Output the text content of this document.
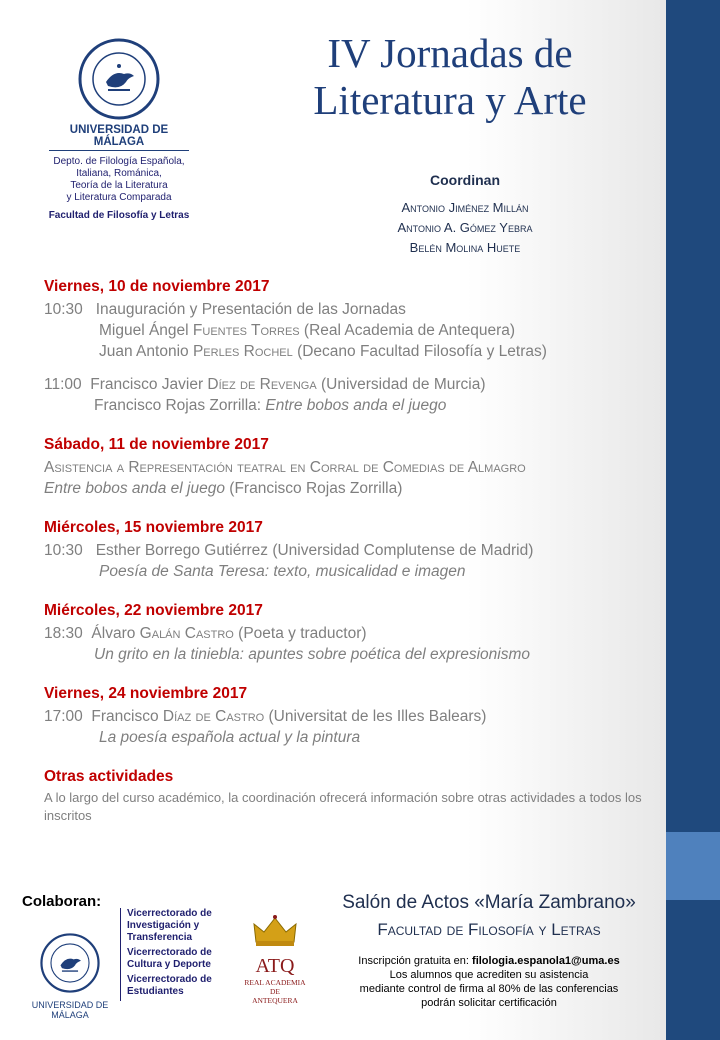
UNIVERSIDAD DE MÁLAGA
Depto. de Filología Española,
Italiana, Románica,
Teoría de la Literatura
y Literatura Comparada
Facultad de Filosofía y Letras
IV Jornadas de
Literatura y Arte
Coordinan
Antonio Jiménez Millán
Antonio A. Gómez Yebra
Belén Molina Huete
Viernes, 10 de noviembre 2017
10:30 Inauguración y Presentación de las Jornadas
Miguel Ángel Fuentes Torres (Real Academia de Antequera)
Juan Antonio Perles Rochel (Decano Facultad Filosofía y Letras)
11:00 Francisco Javier Díez de Revenga (Universidad de Murcia)
Francisco Rojas Zorrilla: Entre bobos anda el juego
Sábado, 11 de noviembre 2017
Asistencia a Representación teatral en Corral de Comedias de Almagro
Entre bobos anda el juego (Francisco Rojas Zorrilla)
Miércoles, 15 noviembre 2017
10:30 Esther Borrego Gutiérrez (Universidad Complutense de Madrid)
Poesía de Santa Teresa: texto, musicalidad e imagen
Miércoles, 22 noviembre 2017
18:30 Álvaro Galán Castro (Poeta y traductor)
Un grito en la tiniebla: apuntes sobre poética del expresionismo
Viernes, 24 noviembre 2017
17:00 Francisco Díaz de Castro (Universitat de les Illes Balears)
La poesía española actual y la pintura
Otras actividades
A lo largo del curso académico, la coordinación ofrecerá información sobre otras actividades a todos los inscritos
Colaboran:
UNIVERSIDAD DE MÁLAGA
Vicerrectorado de Investigación y Transferencia
Vicerrectorado de Cultura y Deporte
Vicerrectorado de Estudiantes
ATQ
REAL ACADEMIA
DE
ANTEQUERA
Salón de Actos «María Zambrano»
Facultad de Filosofía y Letras
Inscripción gratuita en: filologia.espanola1@uma.es
Los alumnos que acrediten su asistencia
mediante control de firma al 80% de las conferencias
podrán solicitar certificación
